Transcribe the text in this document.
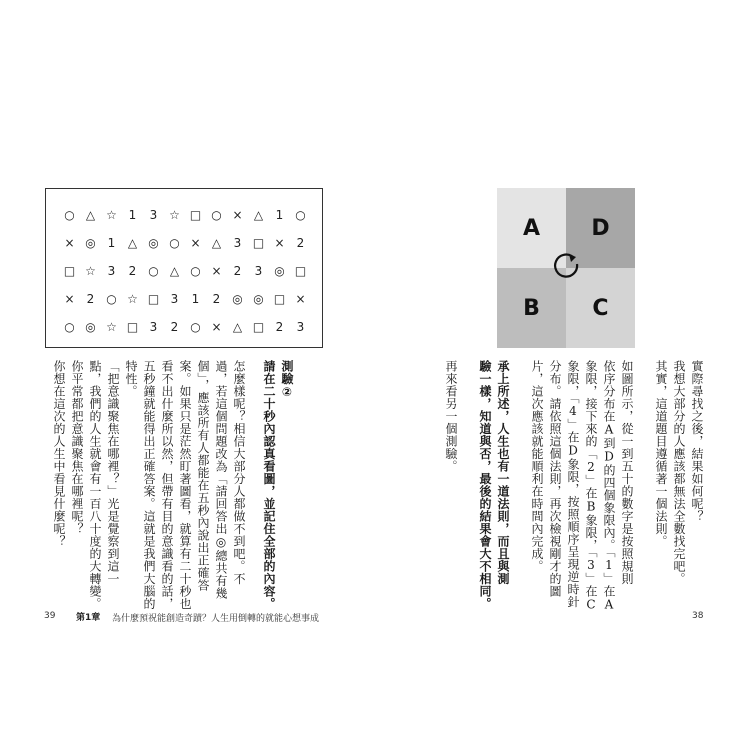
○ △ ☆ 1	3 ☆ □ ○ × △	1 ○
× ◎ 1	△ ◎ ○ × △	3 □ ×	2
□ ☆ 3	2 ○ △ ○ ×	2	3 ◎ □
×	2 ○ ☆ □ 3	1	2 ◎ ◎ □ ×
○ ◎ ☆ □ 3	2 ○ × △ □ 2	3
A D
B C
實際尋找之後，結果如何呢？
我想大部分的人應該都無法全數找完吧。
其實，這道題目遵循著一個法則。
如圖所示，從一到五十的數字是按照規則
依序分布在A到D的四個象限內。「1」在A
象限，接下來的「2」在B象限，「3」在C
象限，「4」在D象限，按照順序呈現逆時針
分布。請依照這個法則，再次檢視剛才的圖
片，這次應該就能順利在時間內完成。
承上所述，人生也有一道法則，而且與測
驗一樣，知道與否，最後的結果會大不相同。
再來看另一個測驗。
測驗②
請在二十秒內認真看圖，並記住全部的內容。
怎麼樣呢？相信大部分人都做不到吧。不
過，若這個問題改為「請回答出◎總共有幾
個」，應該所有人都能在五秒內說出正確答
案。如果只是茫然盯著圖看，就算有二十秒也
看不出什麼所以然，但帶有目的意識看的話，
五秒鐘就能得出正確答案。這就是我們大腦的
特性。
「把意識聚焦在哪裡？」光是覺察到這一
點，我們的人生就會有一百八十度的大轉變。
你平常都把意識聚焦在哪裡呢？
你想在這次的人生中看見什麼呢？
39 第1章 為什麼預祝能創造奇蹟？人生用倒轉的就能心想事成	38
